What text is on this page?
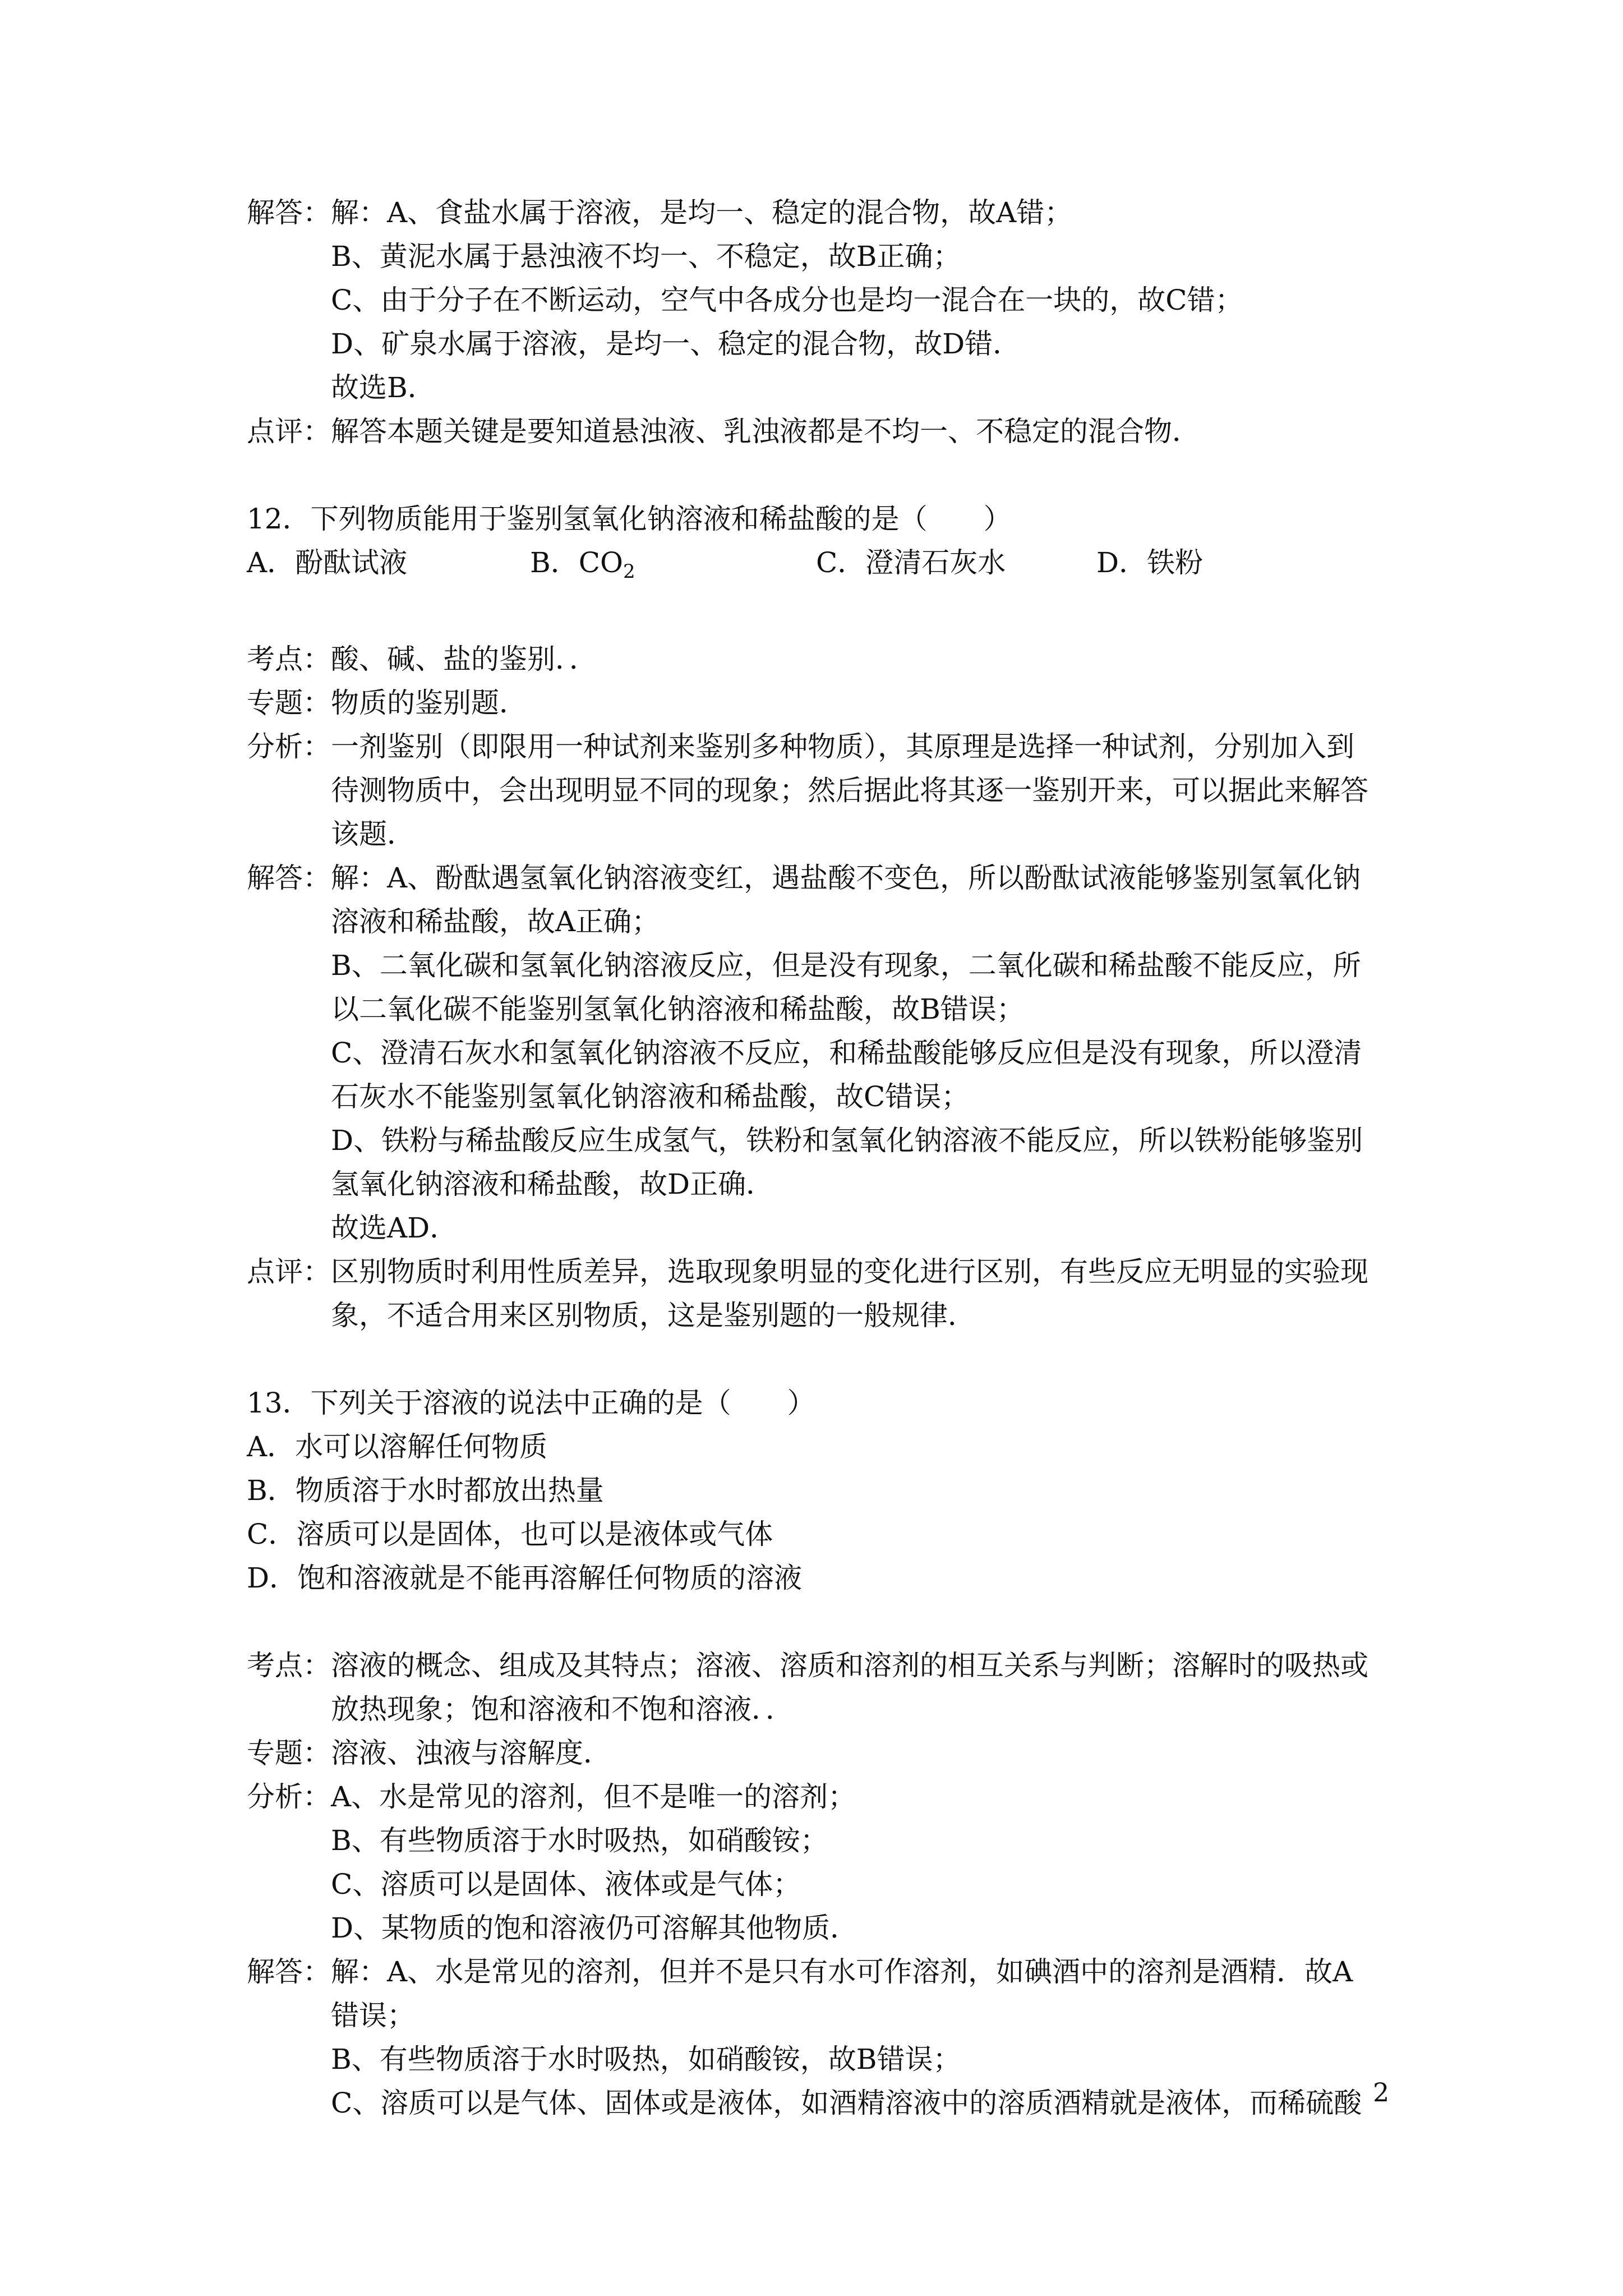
解答： 解：A、食盐水属于溶液，是均一、稳定的混合物，故A错；
B、黄泥水属于悬浊液不均一、不稳定，故B正确；
C、由于分子在不断运动，空气中各成分也是均一混合在一块的，故C错；
D、矿泉水属于溶液，是均一、稳定的混合物，故D错．
故选B．
点评： 解答本题关键是要知道悬浊液、乳浊液都是不均一、不稳定的混合物．
12．下列物质能用于鉴别氢氧化钠溶液和稀盐酸的是（　　）
A．酚酞试液	B．$CO_2$	C．澄清石灰水	D．铁粉
考点： 酸、碱、盐的鉴别．．
专题： 物质的鉴别题．
分析： 一剂鉴别（即限用一种试剂来鉴别多种物质），其原理是选择一种试剂，分别加入到
待测物质中，会出现明显不同的现象；然后据此将其逐一鉴别开来，可以据此来解答
该题．
解答： 解：A、酚酞遇氢氧化钠溶液变红，遇盐酸不变色，所以酚酞试液能够鉴别氢氧化钠
溶液和稀盐酸，故A正确；
B、二氧化碳和氢氧化钠溶液反应，但是没有现象，二氧化碳和稀盐酸不能反应，所
以二氧化碳不能鉴别氢氧化钠溶液和稀盐酸，故B错误；
C、澄清石灰水和氢氧化钠溶液不反应，和稀盐酸能够反应但是没有现象，所以澄清
石灰水不能鉴别氢氧化钠溶液和稀盐酸，故C错误；
D、铁粉与稀盐酸反应生成氢气，铁粉和氢氧化钠溶液不能反应，所以铁粉能够鉴别
氢氧化钠溶液和稀盐酸，故D正确．
故选AD．
点评： 区别物质时利用性质差异，选取现象明显的变化进行区别，有些反应无明显的实验现
象，不适合用来区别物质，这是鉴别题的一般规律．
13．下列关于溶液的说法中正确的是（　　）
A．水可以溶解任何物质
B．物质溶于水时都放出热量
C．溶质可以是固体，也可以是液体或气体
D．饱和溶液就是不能再溶解任何物质的溶液
考点： 溶液的概念、组成及其特点；溶液、溶质和溶剂的相互关系与判断；溶解时的吸热或
放热现象；饱和溶液和不饱和溶液．．
专题： 溶液、浊液与溶解度．
分析： A、水是常见的溶剂，但不是唯一的溶剂；
B、有些物质溶于水时吸热，如硝酸铵；
C、溶质可以是固体、液体或是气体；
D、某物质的饱和溶液仍可溶解其他物质．
解答： 解：A、水是常见的溶剂，但并不是只有水可作溶剂，如碘酒中的溶剂是酒精．故A
错误；
B、有些物质溶于水时吸热，如硝酸铵，故B错误；
C、溶质可以是气体、固体或是液体，如酒精溶液中的溶质酒精就是液体，而稀硫酸 2
